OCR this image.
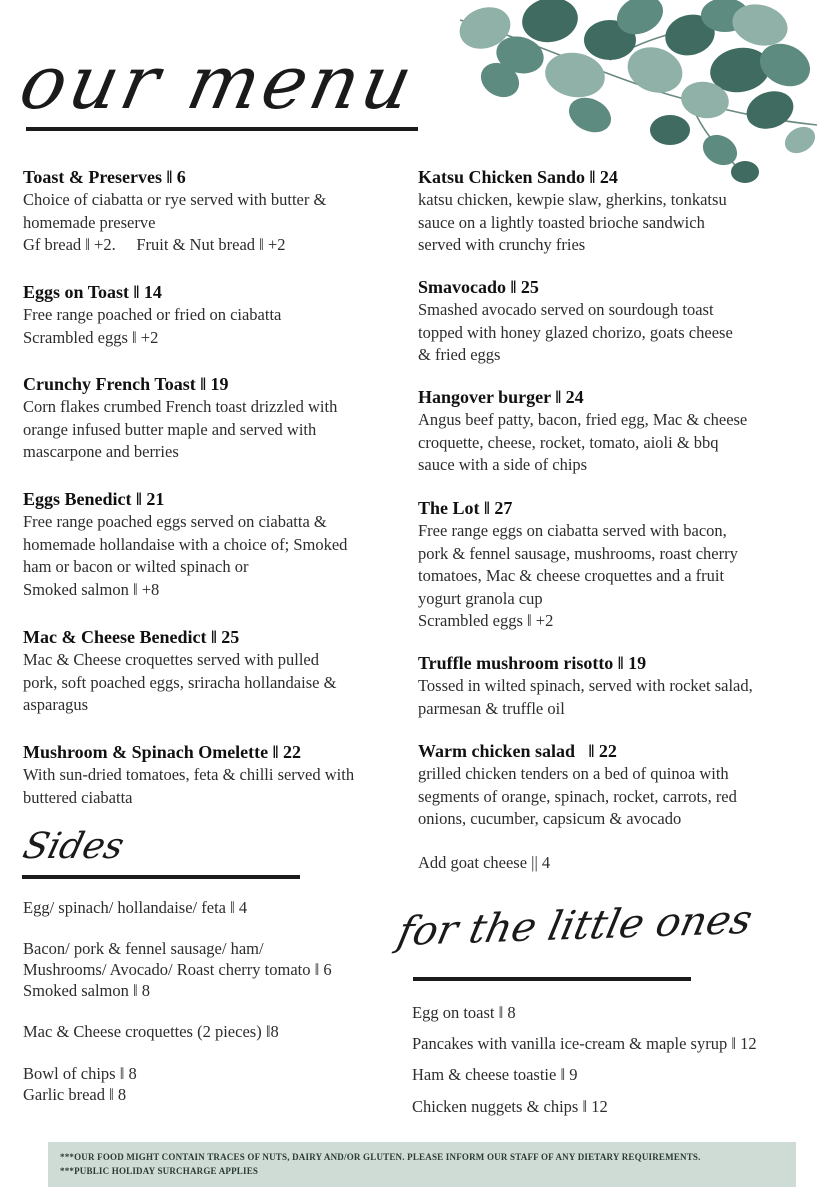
our menu
Toast & Preserves ‖ 6
Choice of ciabatta or rye served with butter &
homemade preserve
Gf bread ‖ +2.     Fruit & Nut bread ‖ +2
Eggs on Toast ‖ 14
Free range poached or fried on ciabatta
Scrambled eggs ‖ +2
Crunchy French Toast ‖ 19
Corn flakes crumbed French toast drizzled with
orange infused butter maple and served with
mascarpone and berries
Eggs Benedict ‖ 21
Free range poached eggs served on ciabatta &
homemade hollandaise with a choice of; Smoked
ham or bacon or wilted spinach or
Smoked salmon ‖ +8
Mac & Cheese Benedict ‖ 25
Mac & Cheese croquettes served with pulled
pork, soft poached eggs, sriracha hollandaise &
asparagus
Mushroom & Spinach Omelette ‖ 22
With sun-dried tomatoes, feta & chilli served with
buttered ciabatta
Katsu Chicken Sando ‖ 24
katsu chicken, kewpie slaw, gherkins, tonkatsu
sauce on a lightly toasted brioche sandwich
served with crunchy fries
Smavocado ‖ 25
Smashed avocado served on sourdough toast
topped with honey glazed chorizo, goats cheese
& fried eggs
Hangover burger ‖ 24
Angus beef patty, bacon, fried egg, Mac & cheese
croquette, cheese, rocket, tomato, aioli & bbq
sauce with a side of chips
The Lot ‖ 27
Free range eggs on ciabatta served with bacon,
pork & fennel sausage, mushrooms, roast cherry
tomatoes, Mac & cheese croquettes and a fruit
yogurt granola cup
Scrambled eggs ‖ +2
Truffle mushroom risotto ‖ 19
Tossed in wilted spinach, served with rocket salad,
parmesan & truffle oil
Warm chicken salad   ‖ 22
grilled chicken tenders on a bed of quinoa with
segments of orange, spinach, rocket, carrots, red
onions, cucumber, capsicum & avocado
Add goat cheese || 4
Sides
Egg/ spinach/ hollandaise/ feta ‖ 4
Bacon/ pork & fennel sausage/ ham/
Mushrooms/ Avocado/ Roast cherry tomato ‖ 6
Smoked salmon ‖ 8
Mac & Cheese croquettes (2 pieces) ‖8
Bowl of chips ‖ 8
Garlic bread ‖ 8
for the little ones
Egg on toast ‖ 8
Pancakes with vanilla ice-cream & maple syrup ‖ 12
Ham & cheese toastie ‖ 9
Chicken nuggets & chips ‖ 12
***OUR FOOD MIGHT CONTAIN TRACES OF NUTS, DAIRY AND/OR GLUTEN. PLEASE INFORM OUR STAFF OF ANY DIETARY REQUIREMENTS.
***PUBLIC HOLIDAY SURCHARGE APPLIES
